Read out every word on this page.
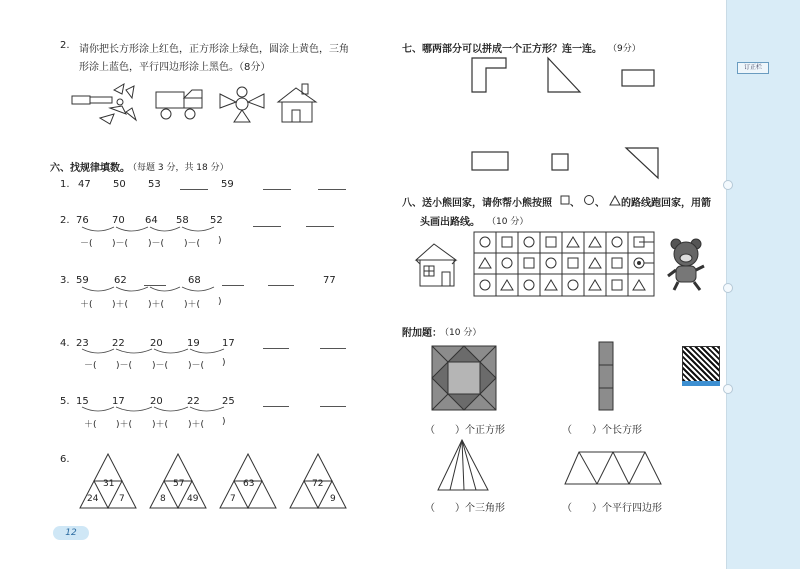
订正栏
2. 请你把长方形涂上红色，正方形涂上绿色，圆涂上黄色，三角
形涂上蓝色，平行四边形涂上黑色。（8分）
六、找规律填数。
（每题 3 分，共 18 分）
1. 47 50 53	59
2. 76 70 64 58 52
－( )－( )－( )－( )
3. 59	62	68	77
＋( )＋( )＋( )＋( )
4. 23 22	20 19 17
－( )－( )－( )－( )
5. 15 17	20 22 25
＋( )＋( )＋( )＋( )
6.
31
24 7
57
8 49
63
7
72
9
12
七、哪两部分可以拼成一个正方形？连一连。 （9分）
八、送小熊回家，请你帮小熊按照 、 、 的路线跑回家，用箭
头画出路线。 （10 分）
附加题：
（10 分）
（　　）个正方形	（　　）个长方形
（　　）个三角形	（　　）个平行四边形
